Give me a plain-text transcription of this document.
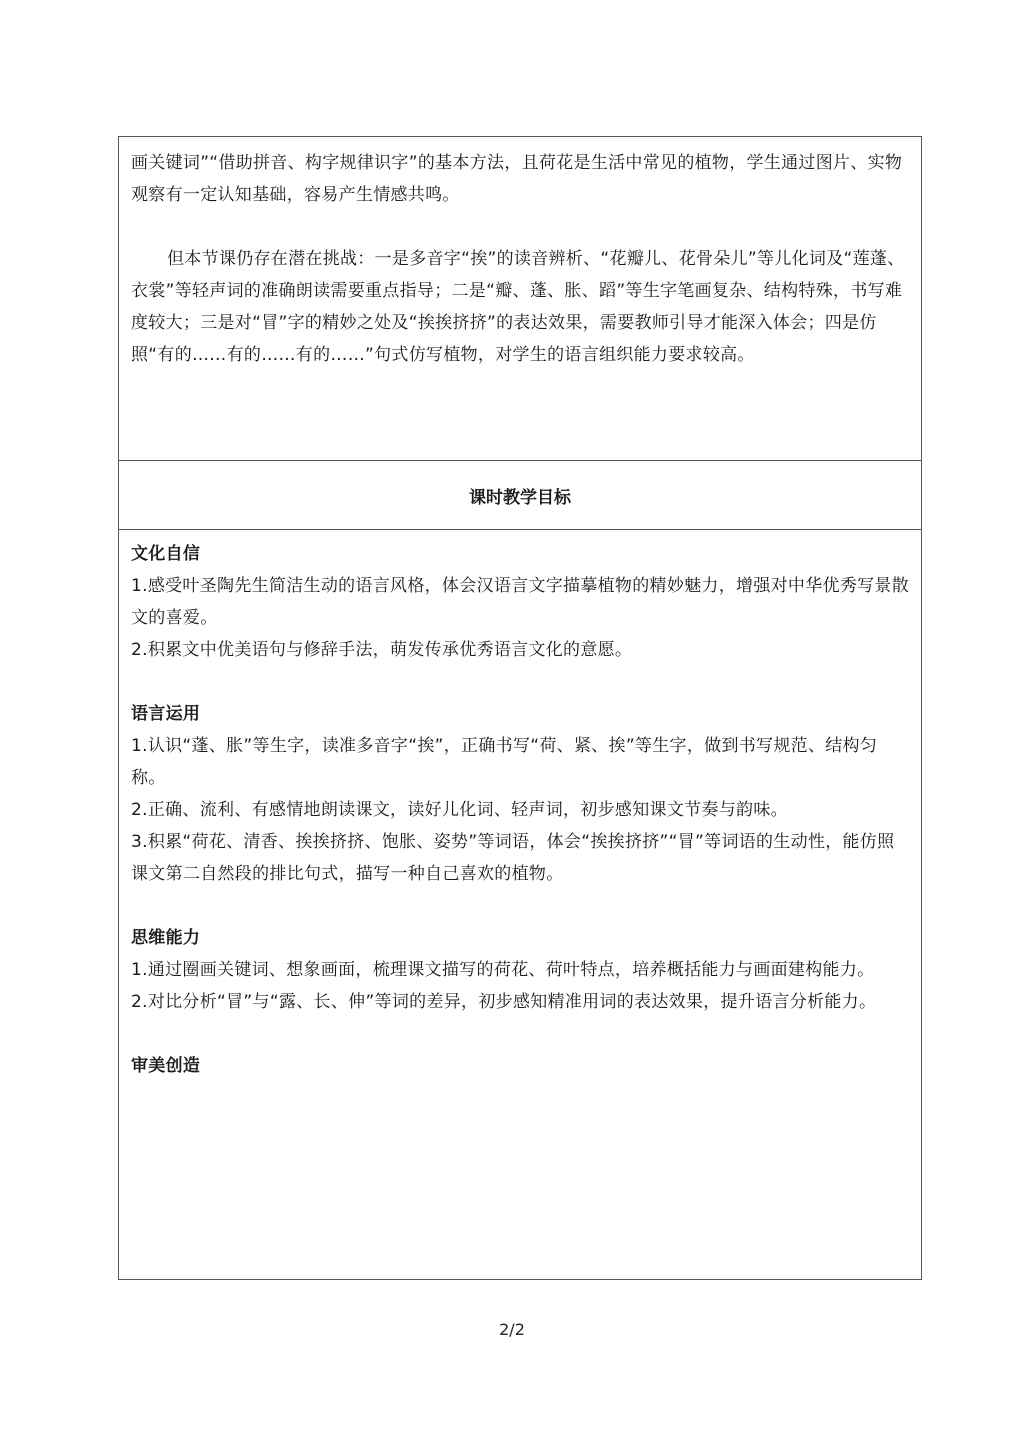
画关键词”“借助拼音、构字规律识字”的基本方法，且荷花是生活中常见的植物，学生通过图片、实物观察有一定认知基础，容易产生情感共鸣。

但本节课仍存在潜在挑战：一是多音字“挨”的读音辨析、“花瓣儿、花骨朵儿”等儿化词及“莲蓬、衣裳”等轻声词的准确朗读需要重点指导；二是“瓣、蓬、胀、蹈”等生字笔画复杂、结构特殊，书写难度较大；三是对“冒”字的精妙之处及“挨挨挤挤”的表达效果，需要教师引导才能深入体会；四是仿照“有的……有的……有的……”句式仿写植物，对学生的语言组织能力要求较高。

课时教学目标

文化自信

1.感受叶圣陶先生简洁生动的语言风格，体会汉语言文字描摹植物的精妙魅力，增强对中华优秀写景散文的喜爱。

2.积累文中优美语句与修辞手法，萌发传承优秀语言文化的意愿。

语言运用

1.认识“蓬、胀”等生字，读准多音字“挨”，正确书写“荷、紧、挨”等生字，做到书写规范、结构匀称。

2.正确、流利、有感情地朗读课文，读好儿化词、轻声词，初步感知课文节奏与韵味。

3.积累“荷花、清香、挨挨挤挤、饱胀、姿势”等词语，体会“挨挨挤挤”“冒”等词语的生动性，能仿照课文第二自然段的排比句式，描写一种自己喜欢的植物。

思维能力

1.通过圈画关键词、想象画面，梳理课文描写的荷花、荷叶特点，培养概括能力与画面建构能力。

2.对比分析“冒”与“露、长、伸”等词的差异，初步感知精准用词的表达效果，提升语言分析能力。

审美创造

2/2
